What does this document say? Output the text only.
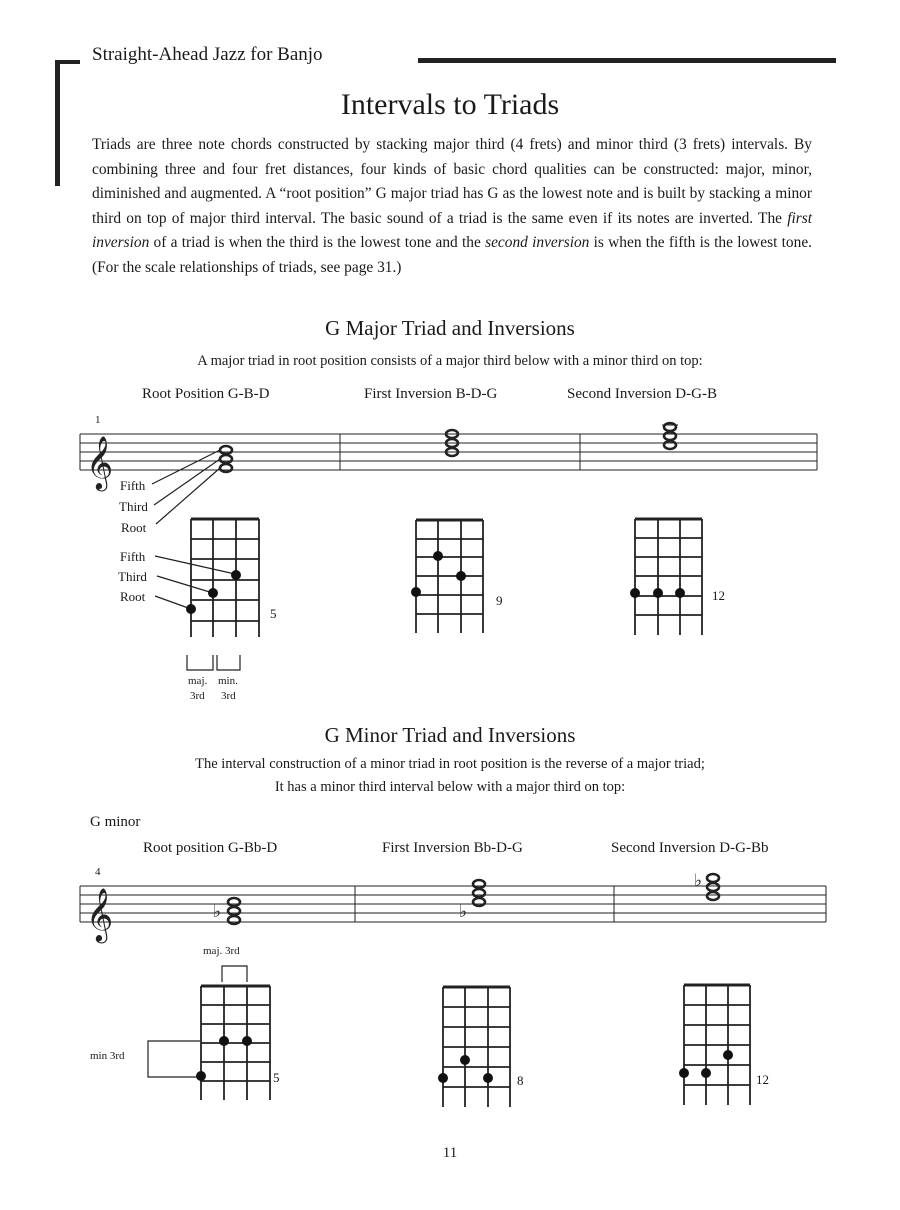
Straight-Ahead Jazz for Banjo
Intervals to Triads
Triads are three note chords constructed by stacking major third (4 frets) and minor third (3 frets) intervals. By combining three and four fret distances, four kinds of basic chord qualities can be constructed: major, minor, diminished and augmented. A “root position” G major triad has G as the lowest note and is built by stacking a minor third on top of major third interval. The basic sound of a triad is the same even if its notes are inverted. The first inversion of a triad is when the third is the lowest tone and the second inversion is when the fifth is the lowest tone. (For the scale relationships of triads, see page 31.)
G Major Triad and Inversions
A major triad in root position consists of a major third below with a minor third on top:
Root Position G-B-D	First Inversion B-D-G	Second Inversion D-G-B
1
Fifth
Third
Root
Fifth
Third
Root
5
9	12
maj. min.
3rd 3rd
G Minor Triad and Inversions
The interval construction of a minor triad in root position is the reverse of a major triad;
It has a minor third interval below with a major third on top:
G minor
Root position G-Bb-D	First Inversion Bb-D-G	Second Inversion D-G-Bb
4
maj. 3rd
min 3rd
5	8	12
11
𝄞
𝄞	♭	♭
♭
